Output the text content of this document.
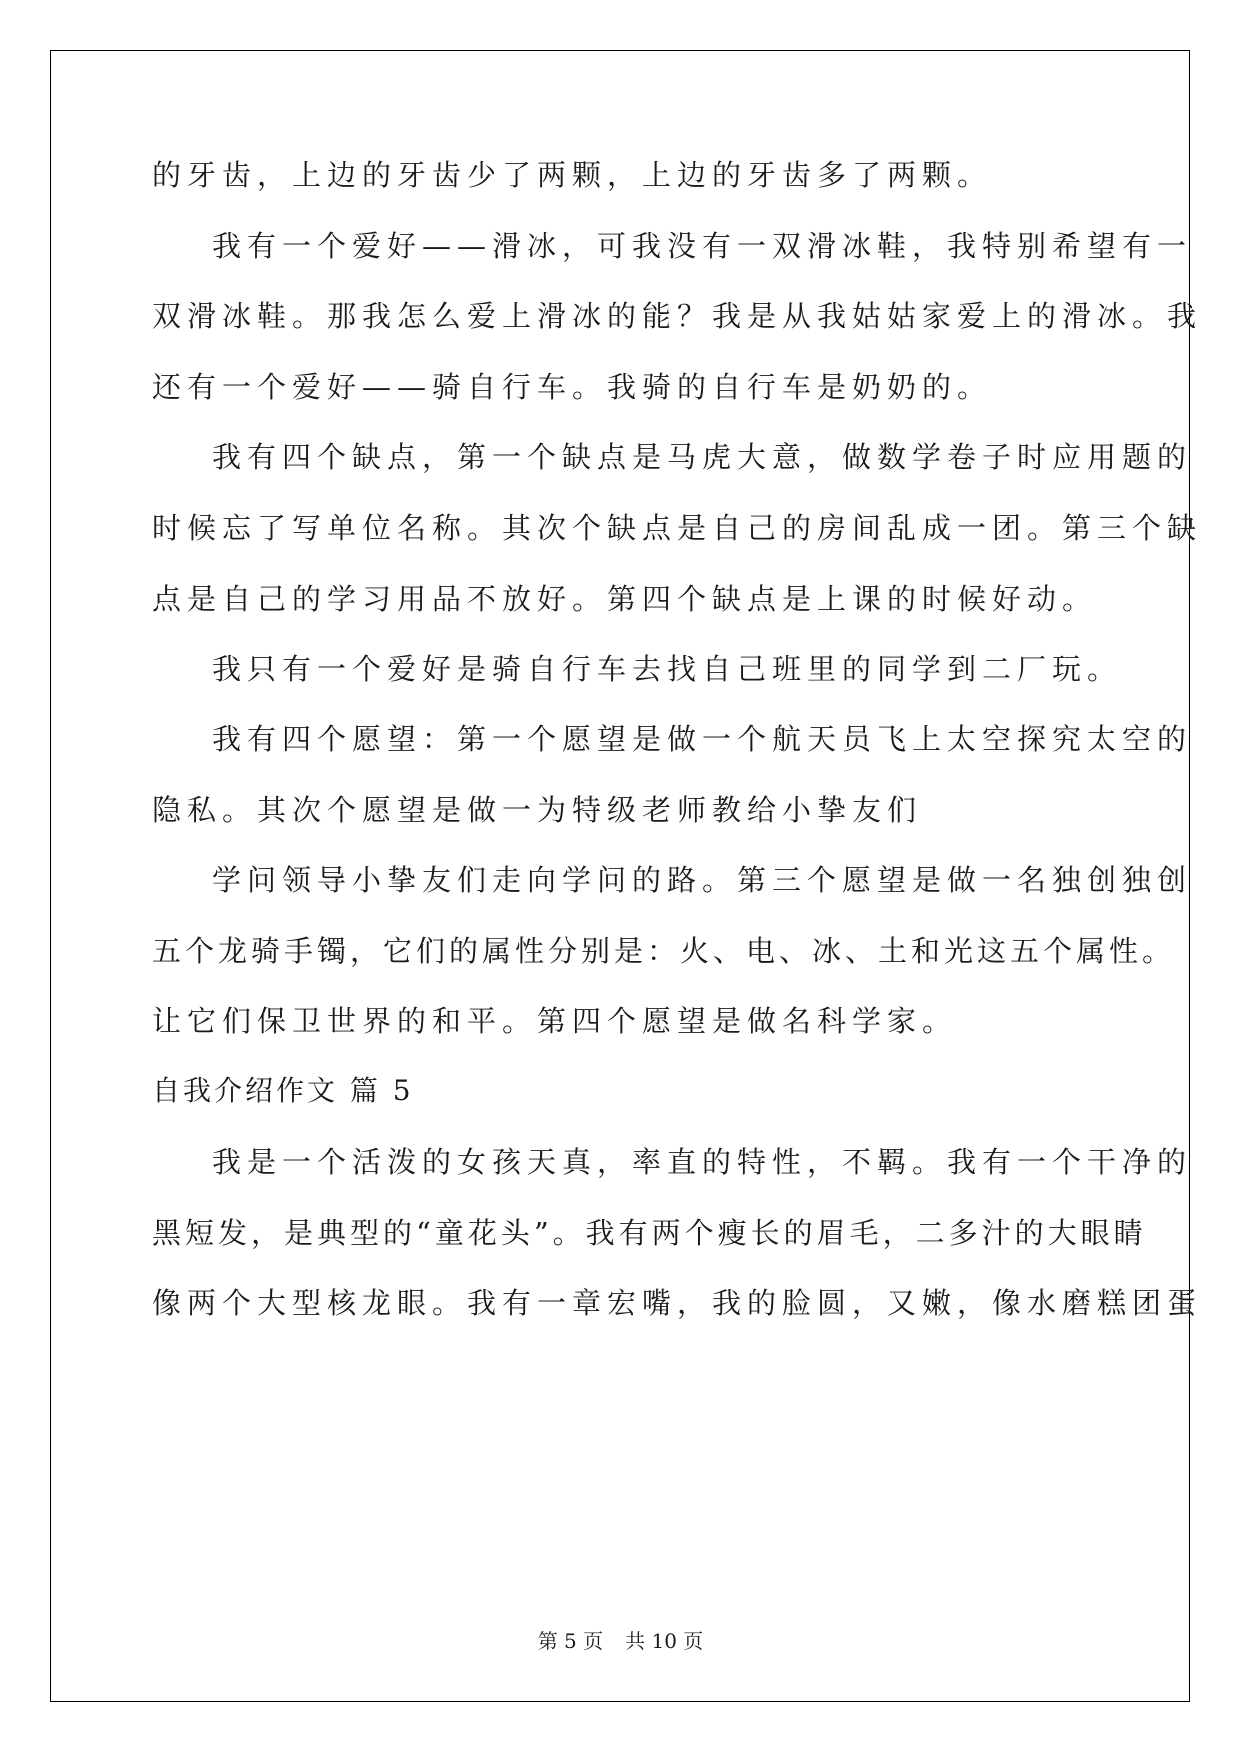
的牙齿，上边的牙齿少了两颗，上边的牙齿多了两颗。
我有一个爱好——滑冰，可我没有一双滑冰鞋，我特别希望有一
双滑冰鞋。那我怎么爱上滑冰的能？我是从我姑姑家爱上的滑冰。我
还有一个爱好——骑自行车。我骑的自行车是奶奶的。
我有四个缺点，第一个缺点是马虎大意，做数学卷子时应用题的
时候忘了写单位名称。其次个缺点是自己的房间乱成一团。第三个缺
点是自己的学习用品不放好。第四个缺点是上课的时候好动。
我只有一个爱好是骑自行车去找自己班里的同学到二厂玩。
我有四个愿望：第一个愿望是做一个航天员飞上太空探究太空的
隐私。其次个愿望是做一为特级老师教给小挚友们
学问领导小挚友们走向学问的路。第三个愿望是做一名独创独创
五个龙骑手镯，它们的属性分别是：火、电、冰、土和光这五个属性。
让它们保卫世界的和平。第四个愿望是做名科学家。
自我介绍作文 篇 5
我是一个活泼的女孩天真，率直的特性，不羁。我有一个干净的
黑短发，是典型的“童花头”。我有两个瘦长的眉毛，二多汁的大眼睛
像两个大型核龙眼。我有一章宏嘴，我的脸圆，又嫩，像水磨糕团蛋
第 5 页 共 10 页
